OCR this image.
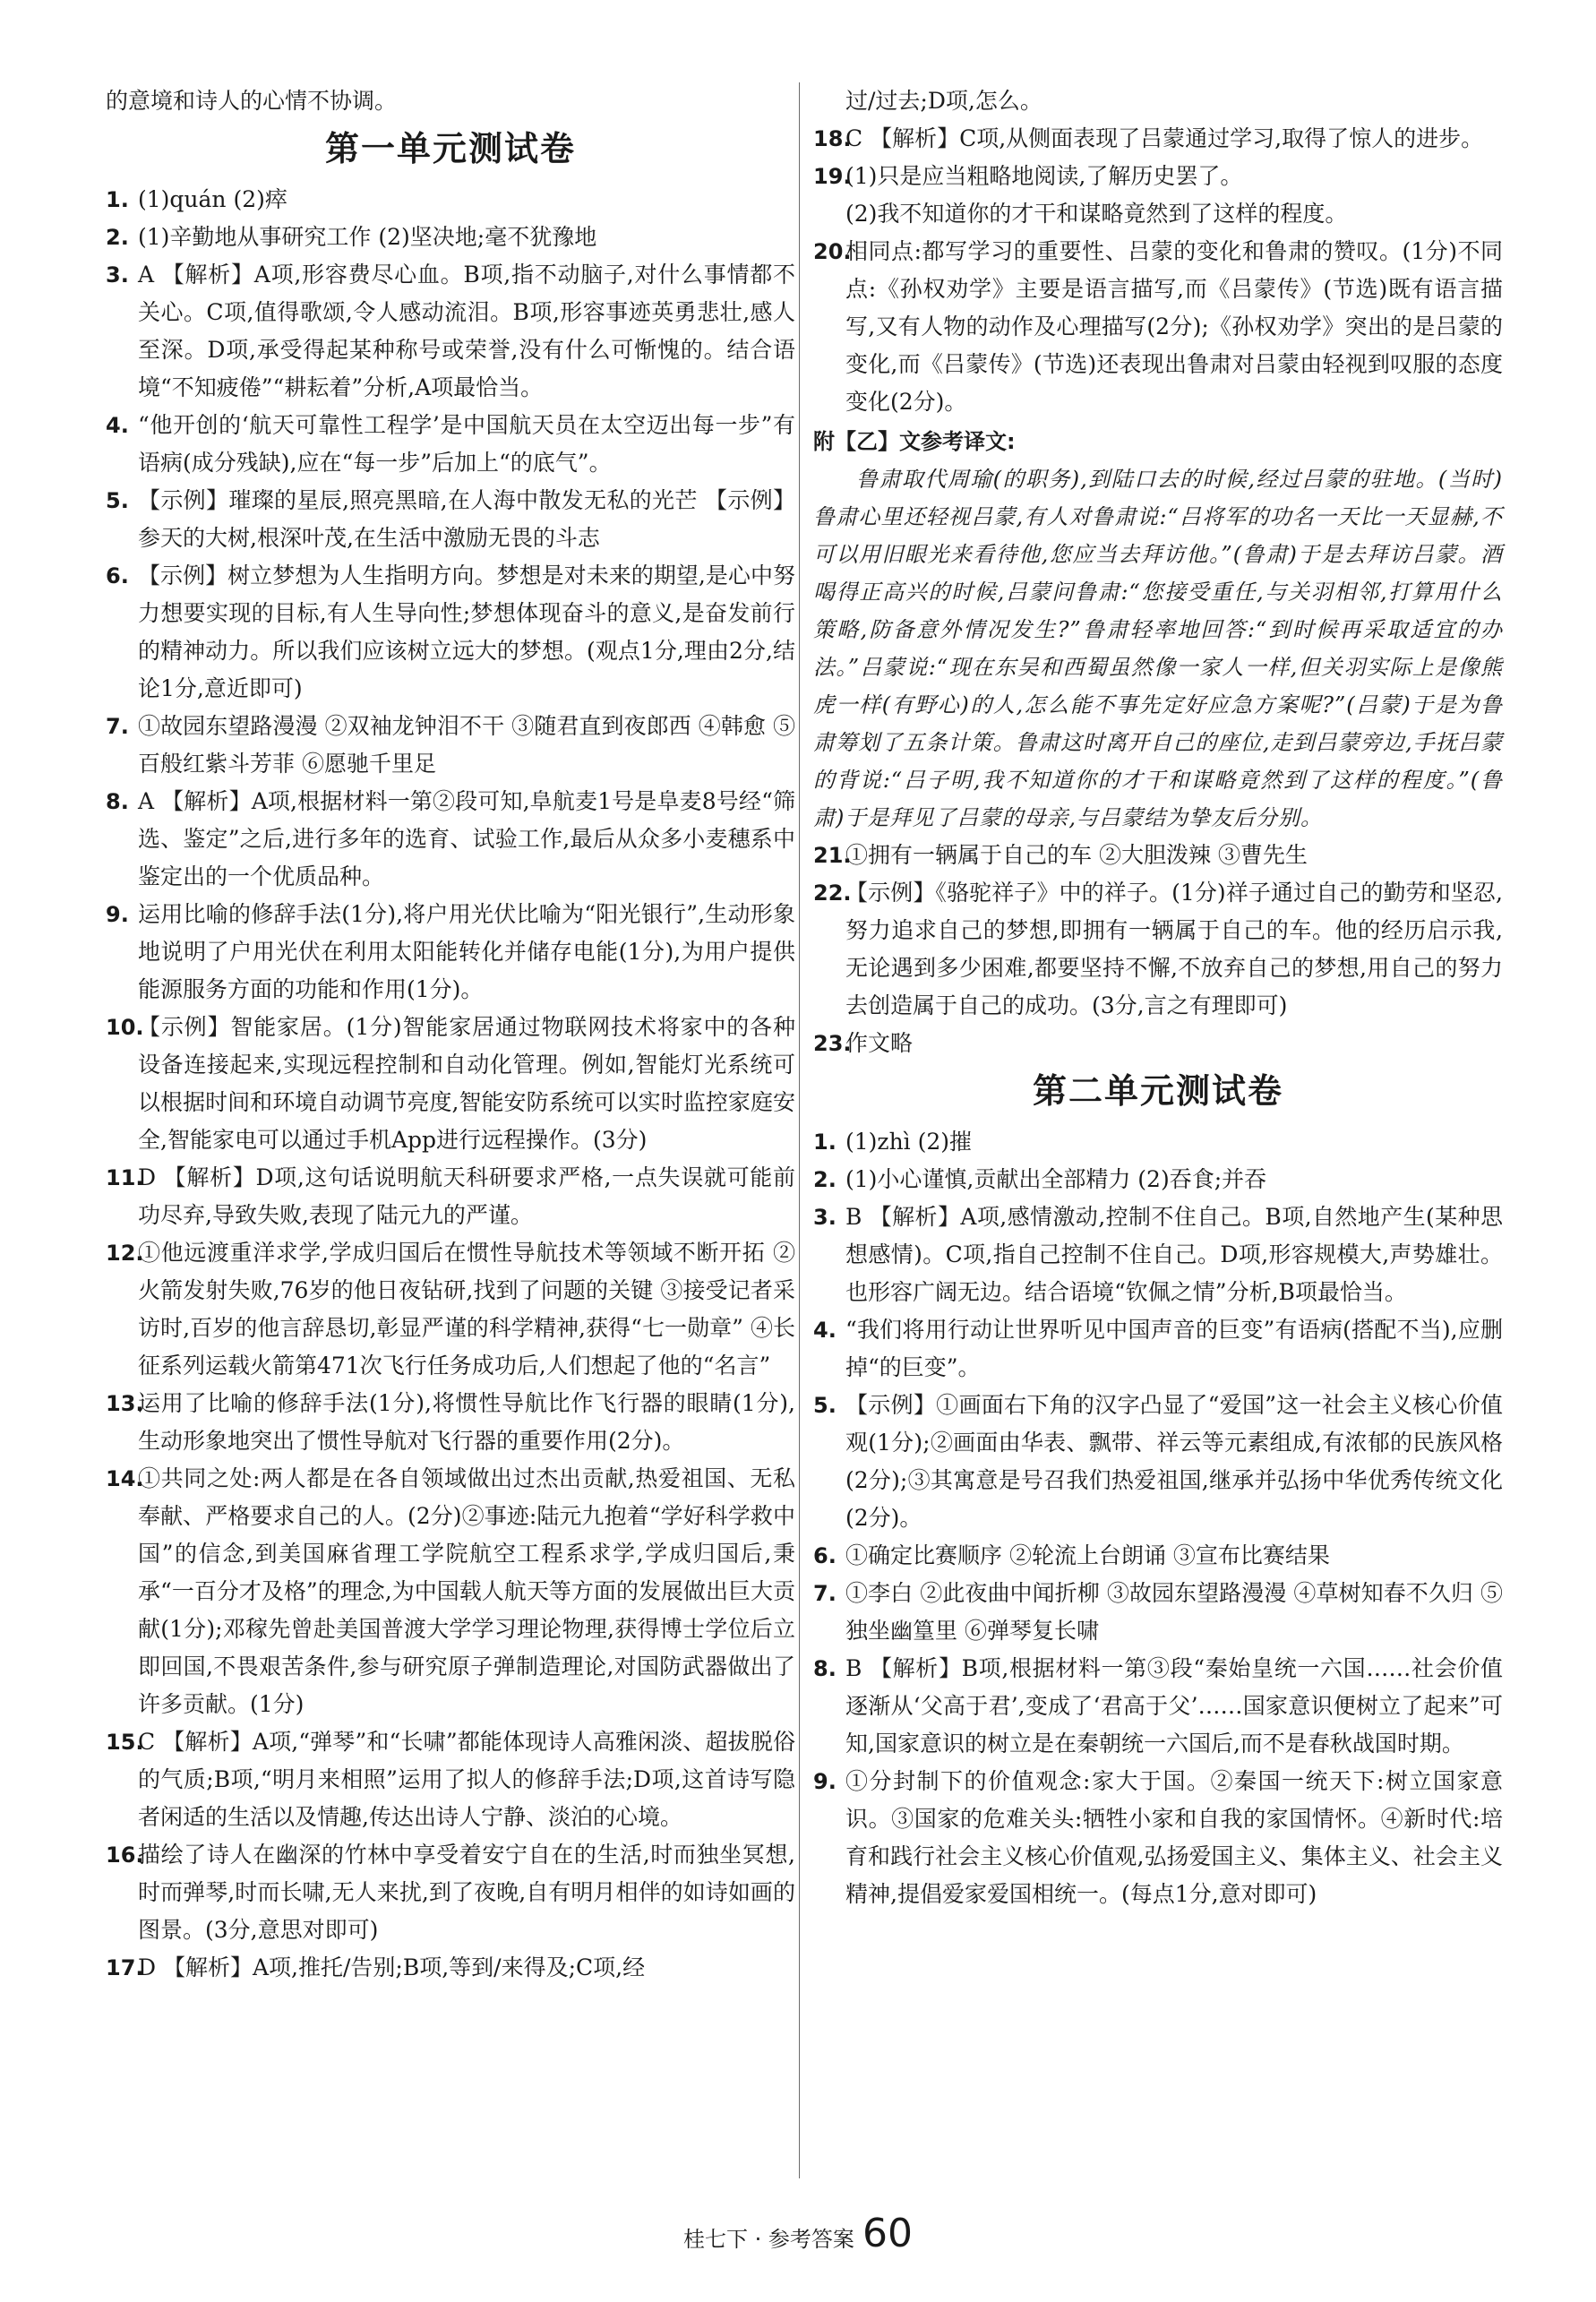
的意境和诗人的心情不协调。
第一单元测试卷
1. (1)quán (2)瘁
2. (1)辛勤地从事研究工作 (2)坚决地;毫不犹豫地
3. A 【解析】A项,形容费尽心血。B项,指不动脑子,对什么事情都不关心。C项,值得歌颂,令人感动流泪。B项,形容事迹英勇悲壮,感人至深。D项,承受得起某种称号或荣誉,没有什么可惭愧的。结合语境“不知疲倦”“耕耘着”分析,A项最恰当。
4. “他开创的‘航天可靠性工程学’是中国航天员在太空迈出每一步”有语病(成分残缺),应在“每一步”后加上“的底气”。
5. 【示例】璀璨的星辰,照亮黑暗,在人海中散发无私的光芒 【示例】参天的大树,根深叶茂,在生活中激励无畏的斗志
6. 【示例】树立梦想为人生指明方向。梦想是对未来的期望,是心中努力想要实现的目标,有人生导向性;梦想体现奋斗的意义,是奋发前行的精神动力。所以我们应该树立远大的梦想。(观点1分,理由2分,结论1分,意近即可)
7. ①故园东望路漫漫 ②双袖龙钟泪不干 ③随君直到夜郎西 ④韩愈 ⑤百般红紫斗芳菲 ⑥愿驰千里足
8. A 【解析】A项,根据材料一第②段可知,阜航麦1号是阜麦8号经“筛选、鉴定”之后,进行多年的选育、试验工作,最后从众多小麦穗系中鉴定出的一个优质品种。
9. 运用比喻的修辞手法(1分),将户用光伏比喻为“阳光银行”,生动形象地说明了户用光伏在利用太阳能转化并储存电能(1分),为用户提供能源服务方面的功能和作用(1分)。
10.
【示例】智能家居。(1分)智能家居通过物联网技术将家中的各种设备连接起来,实现远程控制和自动化管理。例如,智能灯光系统可以根据时间和环境自动调节亮度,智能安防系统可以实时监控家庭安全,智能家电可以通过手机App进行远程操作。(3分)
11.
D 【解析】D项,这句话说明航天科研要求严格,一点失误就可能前功尽弃,导致失败,表现了陆元九的严谨。
12.
①他远渡重洋求学,学成归国后在惯性导航技术等领域不断开拓 ②火箭发射失败,76岁的他日夜钻研,找到了问题的关键 ③接受记者采访时,百岁的他言辞恳切,彰显严谨的科学精神,获得“七一勋章” ④长征系列运载火箭第471次飞行任务成功后,人们想起了他的“名言”
13.
运用了比喻的修辞手法(1分),将惯性导航比作飞行器的眼睛(1分),生动形象地突出了惯性导航对飞行器的重要作用(2分)。
14.
①共同之处:两人都是在各自领域做出过杰出贡献,热爱祖国、无私奉献、严格要求自己的人。(2分)②事迹:陆元九抱着“学好科学救中国”的信念,到美国麻省理工学院航空工程系求学,学成归国后,秉承“一百分才及格”的理念,为中国载人航天等方面的发展做出巨大贡献(1分);邓稼先曾赴美国普渡大学学习理论物理,获得博士学位后立即回国,不畏艰苦条件,参与研究原子弹制造理论,对国防武器做出了许多贡献。(1分)
15.
C 【解析】A项,“弹琴”和“长啸”都能体现诗人高雅闲淡、超拔脱俗的气质;B项,“明月来相照”运用了拟人的修辞手法;D项,这首诗写隐者闲适的生活以及情趣,传达出诗人宁静、淡泊的心境。
16.
描绘了诗人在幽深的竹林中享受着安宁自在的生活,时而独坐冥想,时而弹琴,时而长啸,无人来扰,到了夜晚,自有明月相伴的如诗如画的图景。(3分,意思对即可)
17.
D 【解析】A项,推托/告别;B项,等到/来得及;C项,经
过/过去;D项,怎么。
18.
C 【解析】C项,从侧面表现了吕蒙通过学习,取得了惊人的进步。
19.
(1)只是应当粗略地阅读,了解历史罢了。
(2)我不知道你的才干和谋略竟然到了这样的程度。
20.
相同点:都写学习的重要性、吕蒙的变化和鲁肃的赞叹。(1分)不同点:《孙权劝学》主要是语言描写,而《吕蒙传》(节选)既有语言描写,又有人物的动作及心理描写(2分);《孙权劝学》突出的是吕蒙的变化,而《吕蒙传》(节选)还表现出鲁肃对吕蒙由轻视到叹服的态度变化(2分)。
附【乙】文参考译文:
鲁肃取代周瑜(的职务),到陆口去的时候,经过吕蒙的驻地。(当时)鲁肃心里还轻视吕蒙,有人对鲁肃说:“吕将军的功名一天比一天显赫,不可以用旧眼光来看待他,您应当去拜访他。”(鲁肃)于是去拜访吕蒙。酒喝得正高兴的时候,吕蒙问鲁肃:“您接受重任,与关羽相邻,打算用什么策略,防备意外情况发生?”鲁肃轻率地回答:“到时候再采取适宜的办法。”吕蒙说:“现在东吴和西蜀虽然像一家人一样,但关羽实际上是像熊虎一样(有野心)的人,怎么能不事先定好应急方案呢?”(吕蒙)于是为鲁肃筹划了五条计策。鲁肃这时离开自己的座位,走到吕蒙旁边,手抚吕蒙的背说:“吕子明,我不知道你的才干和谋略竟然到了这样的程度。”(鲁肃)于是拜见了吕蒙的母亲,与吕蒙结为挚友后分别。
21.
①拥有一辆属于自己的车 ②大胆泼辣 ③曹先生
22.
【示例】《骆驼祥子》中的祥子。(1分)祥子通过自己的勤劳和坚忍,努力追求自己的梦想,即拥有一辆属于自己的车。他的经历启示我,无论遇到多少困难,都要坚持不懈,不放弃自己的梦想,用自己的努力去创造属于自己的成功。(3分,言之有理即可)
23.
作文略
第二单元测试卷
1. (1)zhì (2)摧
2. (1)小心谨慎,贡献出全部精力 (2)吞食;并吞
3. B 【解析】A项,感情激动,控制不住自己。B项,自然地产生(某种思想感情)。C项,指自己控制不住自己。D项,形容规模大,声势雄壮。也形容广阔无边。结合语境“钦佩之情”分析,B项最恰当。
4. “我们将用行动让世界听见中国声音的巨变”有语病(搭配不当),应删掉“的巨变”。
5. 【示例】①画面右下角的汉字凸显了“爱国”这一社会主义核心价值观(1分);②画面由华表、飘带、祥云等元素组成,有浓郁的民族风格(2分);③其寓意是号召我们热爱祖国,继承并弘扬中华优秀传统文化(2分)。
6. ①确定比赛顺序 ②轮流上台朗诵 ③宣布比赛结果
7. ①李白 ②此夜曲中闻折柳 ③故园东望路漫漫 ④草树知春不久归 ⑤独坐幽篁里 ⑥弹琴复长啸
8. B 【解析】B项,根据材料一第③段“秦始皇统一六国……社会价值逐渐从‘父高于君’,变成了‘君高于父’……国家意识便树立了起来”可知,国家意识的树立是在秦朝统一六国后,而不是春秋战国时期。
9. ①分封制下的价值观念:家大于国。②秦国一统天下:树立国家意识。③国家的危难关头:牺牲小家和自我的家国情怀。④新时代:培育和践行社会主义核心价值观,弘扬爱国主义、集体主义、社会主义精神,提倡爱家爱国相统一。(每点1分,意对即可)
桂七下 · 参考答案 60
